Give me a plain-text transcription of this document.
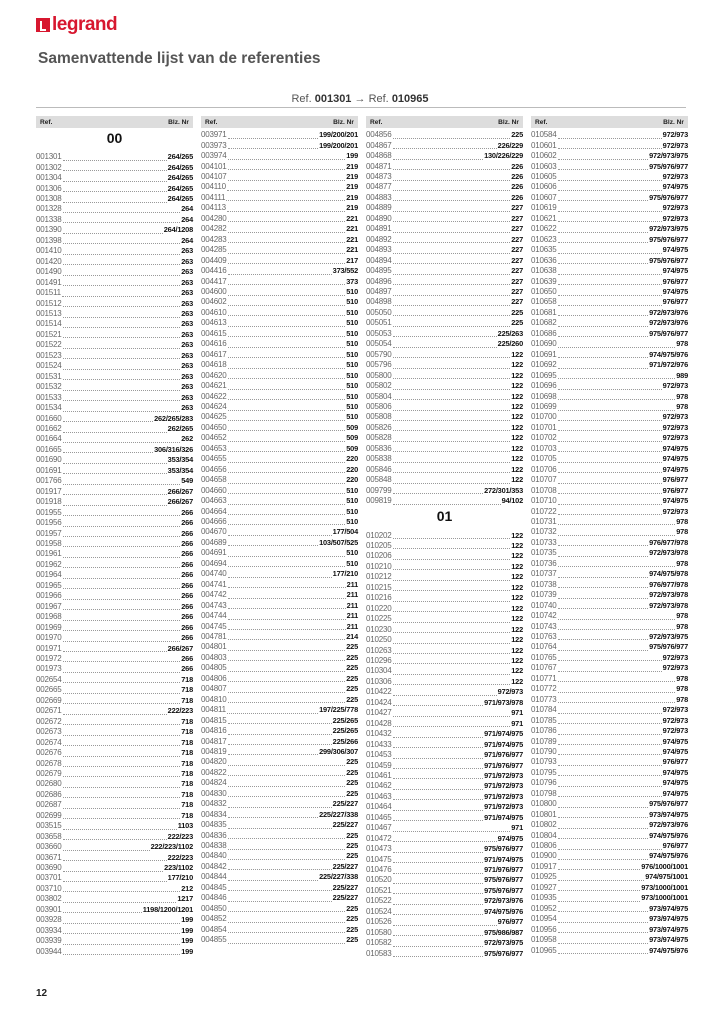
legrand
Samenvattende lijst van de referenties
Ref. 001301 → Ref. 010965
Ref.	Blz. Nr
00
001301	264/265
001302	264/265
001304	264/265
001306	264/265
001308	264/265
001328	264
001338	264
001390	264/1208
001398	264
001410	263
001420	263
001490	263
001491	263
001511	263
001512	263
001513	263
001514	263
001521	263
001522	263
001523	263
001524	263
001531	263
001532	263
001533	263
001534	263
001660	262/265/283
001662	262/265
001664	262
001665	306/316/326
001690	353/354
001691	353/354
001766	549
001917	266/267
001918	266/267
001955	266
001956	266
001957	266
001958	266
001961	266
001962	266
001964	266
001965	266
001966	266
001967	266
001968	266
001969	266
001970	266
001971	266/267
001972	266
001973	266
002654	718
002665	718
002669	718
002671	222/223
002672	718
002673	718
002674	718
002676	718
002678	718
002679	718
002680	718
002686	718
002687	718
002699	718
003515	1103
003658	222/223
003660	222/223/1102
003671	222/223
003690	223/1102
003701	177/210
003710	212
003802	1217
003901	1198/1200/1201
003928	199
003934	199
003939	199
003944	199
Ref.	Blz. Nr
003971	199/200/201
003973	199/200/201
003974	199
004101	219
004107	219
004110	219
004111	219
004113	219
004280	221
004282	221
004283	221
004285	221
004409	217
004416	373/552
004417	373
004600	510
004602	510
004610	510
004613	510
004615	510
004616	510
004617	510
004618	510
004620	510
004621	510
004622	510
004624	510
004625	510
004650	509
004652	509
004653	509
004655	220
004656	220
004658	220
004660	510
004663	510
004664	510
004666	510
004670	177/504
004689	103/507/525
004691	510
004694	510
004740	177/210
004741	211
004742	211
004743	211
004744	211
004745	211
004781	214
004801	225
004803	225
004805	225
004806	225
004807	225
004810	225
004811	197/225/778
004815	225/265
004816	225/265
004817	225/266
004819	299/306/307
004820	225
004822	225
004824	225
004830	225
004832	225/227
004834	225/227/338
004835	225/227
004836	225
004838	225
004840	225
004842	225/227
004844	225/227/338
004845	225/227
004846	225/227
004850	225
004852	225
004854	225
004855	225
Ref.	Blz. Nr
004856	225
004867	226/229
004868	130/226/229
004871	226
004873	226
004877	226
004883	226
004889	227
004890	227
004891	227
004892	227
004893	227
004894	227
004895	227
004896	227
004897	227
004898	227
005050	225
005051	225
005053	225/263
005054	225/260
005790	122
005796	122
005800	122
005802	122
005804	122
005806	122
005808	122
005826	122
005828	122
005836	122
005838	122
005846	122
005848	122
009799	272/301/353
009819	94/102
01
010202	122
010205	122
010206	122
010210	122
010212	122
010215	122
010216	122
010220	122
010225	122
010230	122
010250	122
010263	122
010296	122
010304	122
010306	122
010422	972/973
010424	971/973/978
010427	971
010428	971
010432	971/974/975
010433	971/974/975
010453	971/976/977
010459	971/976/977
010461	971/972/973
010462	971/972/973
010463	971/972/973
010464	971/972/973
010465	971/974/975
010467	971
010472	974/975
010473	975/976/977
010475	971/974/975
010476	971/976/977
010520	975/976/977
010521	975/976/977
010522	972/973/976
010524	974/975/976
010526	976/977
010580	975/986/987
010582	972/973/975
010583	975/976/977
Ref.	Blz. Nr
010584	972/973
010601	972/973
010602	972/973/975
010603	975/976/977
010605	972/973
010606	974/975
010607	975/976/977
010619	972/973
010621	972/973
010622	972/973/975
010623	975/976/977
010635	974/975
010636	975/976/977
010638	974/975
010639	976/977
010650	974/975
010658	976/977
010681	972/973/976
010682	972/973/976
010686	975/976/977
010690	978
010691	974/975/976
010692	971/972/976
010695	989
010696	972/973
010698	978
010699	978
010700	972/973
010701	972/973
010702	972/973
010703	974/975
010705	974/975
010706	974/975
010707	976/977
010708	976/977
010710	974/975
010722	972/973
010731	978
010732	978
010733	976/977/978
010735	972/973/978
010736	978
010737	974/975/978
010738	976/977/978
010739	972/973/978
010740	972/973/978
010742	978
010743	978
010763	972/973/975
010764	975/976/977
010765	972/973
010767	972/973
010771	978
010772	978
010773	978
010784	972/973
010785	972/973
010786	972/973
010789	974/975
010790	974/975
010793	976/977
010795	974/975
010796	974/975
010798	974/975
010800	975/976/977
010801	973/974/975
010802	972/973/976
010804	974/975/976
010806	976/977
010900	974/975/976
010917	976/1000/1001
010925	974/975/1001
010927	973/1000/1001
010935	973/1000/1001
010952	973/974/975
010954	973/974/975
010956	973/974/975
010958	973/974/975
010965	974/975/976
12
